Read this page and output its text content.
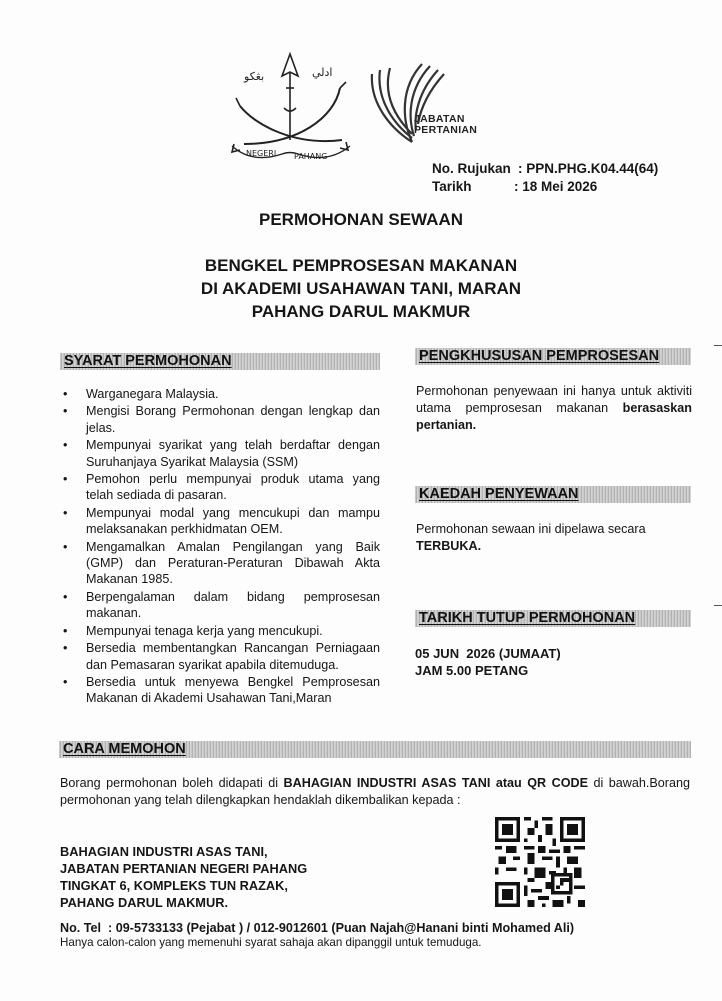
بڠكو	ادلي
NEGERI PAHANG
JABATAN
PERTANIAN
No. Rujukan : PPN.PHG.K04.44(64)
Tarikh	: 18 Mei 2026
PERMOHONAN SEWAAN
BENGKEL PEMPROSESAN MAKANAN
DI AKADEMI USAHAWAN TANI, MARAN
PAHANG DARUL MAKMUR
SYARAT PERMOHONAN
• Warganegara Malaysia.
• Mengisi Borang Permohonan dengan lengkap dan jelas.
• Mempunyai syarikat yang telah berdaftar dengan Suruhanjaya Syarikat Malaysia (SSM)
• Pemohon perlu mempunyai produk utama yang telah sediada di pasaran.
• Mempunyai modal yang mencukupi dan mampu melaksanakan perkhidmatan OEM.
• Mengamalkan Amalan Pengilangan yang Baik (GMP) dan Peraturan-Peraturan Dibawah Akta Makanan 1985.
• Berpengalaman dalam bidang pemprosesan makanan.
• Mempunyai tenaga kerja yang mencukupi.
• Bersedia membentangkan Rancangan Perniagaan dan Pemasaran syarikat apabila ditemuduga.
• Bersedia untuk menyewa Bengkel Pemprosesan Makanan di Akademi Usahawan Tani,Maran
PENGKHUSUSAN PEMPROSESAN
Permohonan penyewaan ini hanya untuk aktiviti utama pemprosesan makanan berasaskan pertanian.
KAEDAH PENYEWAAN
Permohonan sewaan ini dipelawa secara
TERBUKA.
TARIKH TUTUP PERMOHONAN
05 JUN  2026 (JUMAAT)
JAM 5.00 PETANG
CARA MEMOHON
Borang permohonan boleh didapati di BAHAGIAN INDUSTRI ASAS TANI atau QR CODE di bawah.Borang permohonan yang telah dilengkapkan hendaklah dikembalikan kepada :
BAHAGIAN INDUSTRI ASAS TANI,
JABATAN PERTANIAN NEGERI PAHANG
TINGKAT 6, KOMPLEKS TUN RAZAK,
PAHANG DARUL MAKMUR.
No. Tel  : 09-5733133 (Pejabat ) / 012-9012601 (Puan Najah@Hanani binti Mohamed Ali)
Hanya calon-calon yang memenuhi syarat sahaja akan dipanggil untuk temuduga.
